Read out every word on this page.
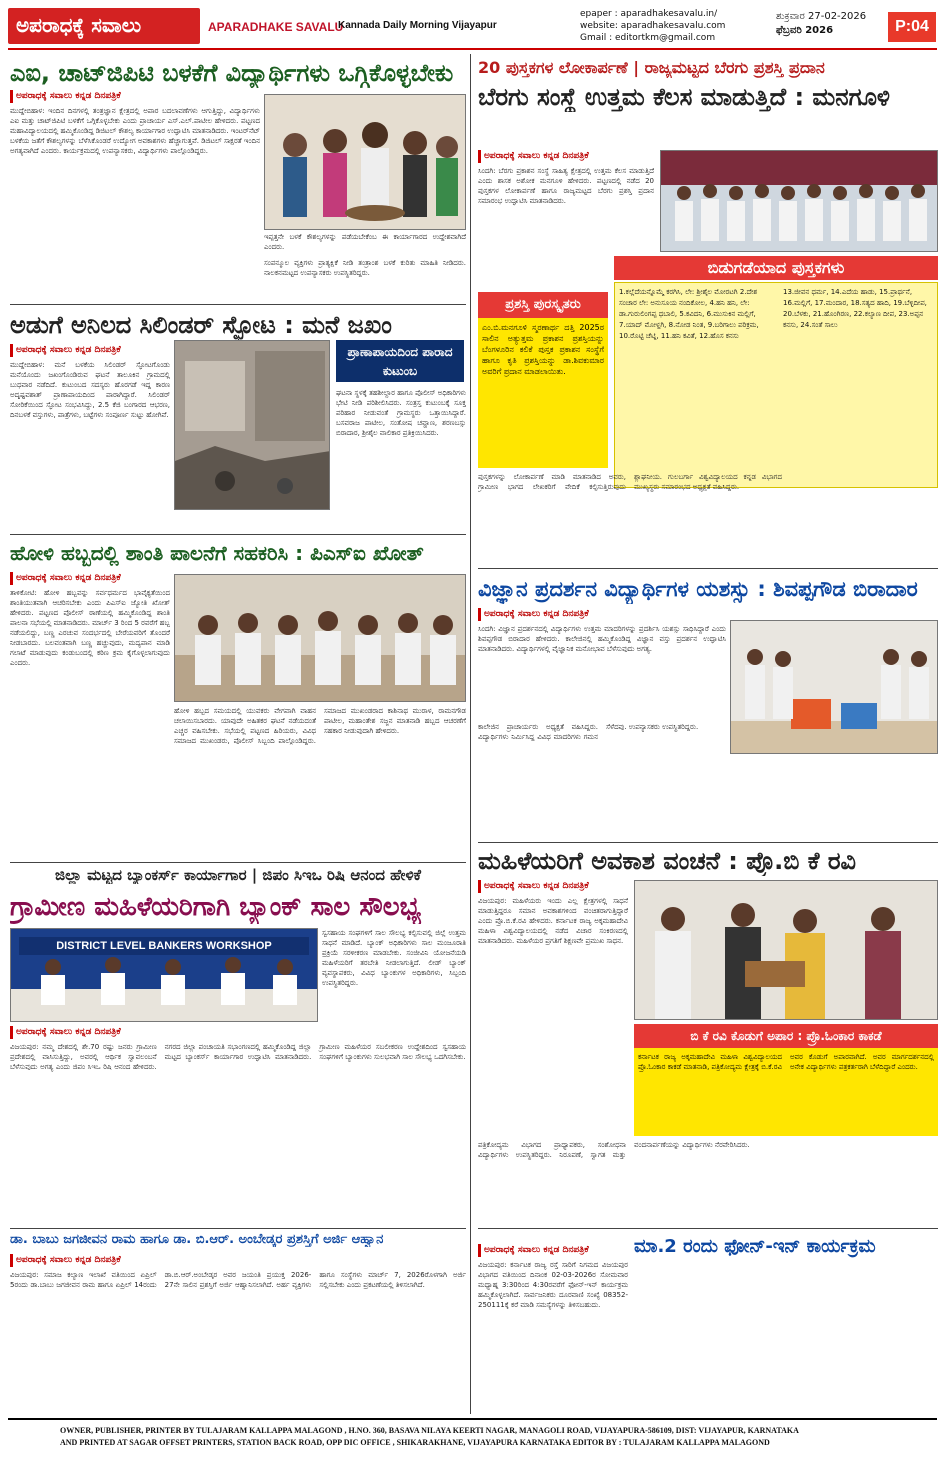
ಅಪರಾಧಕ್ಕೆ ಸವಾಲು	APARADHAKE SAVALU
Kannada Daily Morning Vijayapur
epaper : aparadhakesavalu.in/
website: aparadhakesavalu.com
Gmail : editortkm@gmail.com
ಶುಕ್ರವಾರ 27-02-2026
ಫೆಬ್ರವರಿ 2026	P:04
ಎಐ, ಚಾಟ್‌ಜಿಪಿಟಿ ಬಳಕೆಗೆ ವಿದ್ಯಾರ್ಥಿಗಳು ಒಗ್ಗಿಕೊಳ್ಳಬೇಕು
ಅಪರಾಧಕ್ಕೆ ಸವಾಲು ಕನ್ನಡ ದಿನಪತ್ರಿಕೆ
ಮುದ್ದೇಬಿಹಾಳ: ಇಂದಿನ ದಿನಗಳಲ್ಲಿ ತಂತ್ರಜ್ಞಾನ ಕ್ಷೇತ್ರದಲ್ಲಿ ಅಪಾರ ಬದಲಾವಣೆಗಳು ಆಗುತ್ತಿದ್ದು, ವಿದ್ಯಾರ್ಥಿಗಳು ಎಐ ಮತ್ತು ಚಾಟ್‌ಜಿಪಿಟಿ ಬಳಕೆಗೆ ಒಗ್ಗಿಕೊಳ್ಳಬೇಕು ಎಂದು ಪ್ರಾಚಾರ್ಯ ಎಸ್.ಎಲ್.ಪಾಟೀಲ ಹೇಳಿದರು. ಪಟ್ಟಣದ ಮಹಾವಿದ್ಯಾಲಯದಲ್ಲಿ ಹಮ್ಮಿಕೊಂಡಿದ್ದ ಡಿಜಿಟಲ್ ಕೌಶಲ್ಯ ಕಾರ್ಯಾಗಾರ ಉದ್ಘಾಟಿಸಿ ಮಾತನಾಡಿದರು. ಇಂಟರ್‌ನೆಟ್ ಬಳಕೆಯ ಜತೆಗೆ ಕೌಶಲ್ಯಗಳನ್ನು ಬೆಳೆಸಿಕೊಂಡರೆ ಉದ್ಯೋಗ ಅವಕಾಶಗಳು ಹೆಚ್ಚಾಗುತ್ತವೆ. ಡಿಜಿಟಲ್ ಸಾಕ್ಷರತೆ ಇಂದಿನ ಅಗತ್ಯವಾಗಿದೆ ಎಂದರು. ಕಾರ್ಯಕ್ರಮದಲ್ಲಿ ಉಪನ್ಯಾಸಕರು, ವಿದ್ಯಾರ್ಥಿಗಳು ಪಾಲ್ಗೊಂಡಿದ್ದರು.
ಇಪ್ಪತ್ತನೇ ಬಳಕೆ ಕೌಶಲ್ಯಗಳನ್ನು ಪಡೆಯಬೇಕೆಂಬ ಈ ಕಾರ್ಯಾಗಾರದ ಉದ್ದೇಶವಾಗಿದೆ ಎಂದರು.
ಸಂಪನ್ಮೂಲ ವ್ಯಕ್ತಿಗಳು ಪ್ರಾತ್ಯಕ್ಷಿಕೆ ನೀಡಿ ತಂತ್ರಾಂಶ ಬಳಕೆ ಕುರಿತು ಮಾಹಿತಿ ನೀಡಿದರು. ನಾಲಕನಮಟ್ಟದ ಉಪನ್ಯಾಸಕರು ಉಪಸ್ಥಿತರಿದ್ದರು.
ಅಡುಗೆ ಅನಿಲದ ಸಿಲಿಂಡರ್ ಸ್ಫೋಟ : ಮನೆ ಜಖಂ
ಅಪರಾಧಕ್ಕೆ ಸವಾಲು ಕನ್ನಡ ದಿನಪತ್ರಿಕೆ
ಮುದ್ದೇಬಿಹಾಳ: ಮನೆ ಬಳಕೆಯ ಸಿಲಿಂಡರ್ ಸ್ಫೋಟಗೊಂಡು ಮನೆಯೊಂದು ಜಖಂಗೊಂಡಿರುವ ಘಟನೆ ತಾಲೂಕಿನ ಗ್ರಾಮದಲ್ಲಿ ಬುಧವಾರ ನಡೆದಿದೆ. ಕುಟುಂಬದ ಸದಸ್ಯರು ಹೊರಗಡೆ ಇದ್ದ ಕಾರಣ ಅದೃಷ್ಟವಶಾತ್ ಪ್ರಾಣಾಪಾಯದಿಂದ ಪಾರಾಗಿದ್ದಾರೆ. ಸಿಲಿಂಡರ್ ಸೋರಿಕೆಯಿಂದ ಸ್ಫೋಟ ಸಂಭವಿಸಿದ್ದು, 2.5 ಕೆಜಿ ಬಂಗಾರದ ಆಭರಣ, ದಿನಬಳಕೆ ವಸ್ತುಗಳು, ಪಾತ್ರೆಗಳು, ಬಟ್ಟೆಗಳು ಸಂಪೂರ್ಣ ಸುಟ್ಟು ಹೋಗಿವೆ.
ಪ್ರಾಣಾಪಾಯದಿಂದ ಪಾರಾದ ಕುಟುಂಬ
ಘಟನಾ ಸ್ಥಳಕ್ಕೆ ತಹಶೀಲ್ದಾರ ಹಾಗೂ ಪೊಲೀಸ್ ಅಧಿಕಾರಿಗಳು ಭೇಟಿ ನೀಡಿ ಪರಿಶೀಲಿಸಿದರು. ಸಂತ್ರಸ್ತ ಕುಟುಂಬಕ್ಕೆ ಸೂಕ್ತ ಪರಿಹಾರ ನೀಡುವಂತೆ ಗ್ರಾಮಸ್ಥರು ಒತ್ತಾಯಿಸಿದ್ದಾರೆ. ಬಸವರಾಜ ಪಾಟೀಲ, ಸಂತೋಷ ಚವ್ಹಾಣ, ಶರಣಬಸ್ಸು ಬಿರಾದಾರ, ಶ್ರೀಶೈಲ ವಾಲಿಕಾರ ಪ್ರತಿಕ್ರಿಯಿಸಿದರು.
ಹೋಳಿ ಹಬ್ಬದಲ್ಲಿ ಶಾಂತಿ ಪಾಲನೆಗೆ ಸಹಕರಿಸಿ : ಪಿಎಸ್‌ಐ ಖೋತ್
ಅಪರಾಧಕ್ಕೆ ಸವಾಲು ಕನ್ನಡ ದಿನಪತ್ರಿಕೆ
ತಾಳಿಕೋಟಿ: ಹೋಳಿ ಹಬ್ಬವನ್ನು ಸರ್ವಧರ್ಮದ ಭಾವೈಕ್ಯತೆಯಿಂದ ಶಾಂತಿಯುತವಾಗಿ ಆಚರಿಸಬೇಕು ಎಂದು ಪಿಎಸ್‌ಐ ಜ್ಯೋತಿ ಖೋತ್ ಹೇಳಿದರು. ಪಟ್ಟಣದ ಪೊಲೀಸ್ ಠಾಣೆಯಲ್ಲಿ ಹಮ್ಮಿಕೊಂಡಿದ್ದ ಶಾಂತಿ ಪಾಲನಾ ಸಭೆಯಲ್ಲಿ ಮಾತನಾಡಿದರು. ಮಾರ್ಚ್ 3 ರಿಂದ 5 ರವರೆಗೆ ಹಬ್ಬ ನಡೆಯಲಿದ್ದು, ಬಣ್ಣ ಎರಚುವ ಸಂದರ್ಭದಲ್ಲಿ ಬೇರೆಯವರಿಗೆ ತೊಂದರೆ ನೀಡಬಾರದು. ಬಲವಂತವಾಗಿ ಬಣ್ಣ ಹಚ್ಚುವುದು, ಮದ್ಯಪಾನ ಮಾಡಿ ಗಲಾಟೆ ಮಾಡುವುದು ಕಂಡುಬಂದಲ್ಲಿ ಕಠಿಣ ಕ್ರಮ ಕೈಗೊಳ್ಳಲಾಗುವುದು ಎಂದರು.
ಹೋಳಿ ಹಬ್ಬದ ಸಮಯದಲ್ಲಿ ಯುವಕರು ವೇಗವಾಗಿ ವಾಹನ ಚಲಾಯಿಸಬಾರದು. ಯಾವುದೇ ಅಹಿತಕರ ಘಟನೆ ನಡೆಯದಂತೆ ಎಚ್ಚರ ವಹಿಸಬೇಕು. ಸಭೆಯಲ್ಲಿ ಪಟ್ಟಣದ ಹಿರಿಯರು, ವಿವಿಧ ಸಮಾಜದ ಮುಖಂಡರು, ಪೊಲೀಸ್ ಸಿಬ್ಬಂದಿ ಪಾಲ್ಗೊಂಡಿದ್ದರು. ಸಮಾಜದ ಮುಖಂಡರಾದ ಕಾಶಿನಾಥ ಮುರಾಳ, ರಾಮನಗೌಡ ಪಾಟೀಲ, ಮಹಾಂತೇಶ ಸಜ್ಜನ ಮಾತನಾಡಿ ಹಬ್ಬದ ಆಚರಣೆಗೆ ಸಹಕಾರ ನೀಡುವುದಾಗಿ ಹೇಳಿದರು.
ಜಿಲ್ಲಾ ಮಟ್ಟದ ಬ್ಯಾಂಕರ್ಸ್ ಕಾರ್ಯಾಗಾರ | ಜಿಪಂ ಸಿಇಒ ರಿಷಿ ಆನಂದ ಹೇಳಿಕೆ
ಗ್ರಾಮೀಣ ಮಹಿಳೆಯರಿಗಾಗಿ ಬ್ಯಾಂಕ್ ಸಾಲ ಸೌಲಭ್ಯ
DISTRICT LEVEL BANKERS WORKSHOP
ಸ್ವಸಹಾಯ ಸಂಘಗಳಿಗೆ ಸಾಲ ಸೌಲಭ್ಯ ಕಲ್ಪಿಸುವಲ್ಲಿ ಜಿಲ್ಲೆ ಉತ್ತಮ ಸಾಧನೆ ಮಾಡಿದೆ. ಬ್ಯಾಂಕ್ ಅಧಿಕಾರಿಗಳು ಸಾಲ ಮಂಜೂರಾತಿ ಪ್ರಕ್ರಿಯೆ ಸರಳೀಕರಣ ಮಾಡಬೇಕು. ಸಂಜೀವಿನಿ ಯೋಜನೆಯಡಿ ಮಹಿಳೆಯರಿಗೆ ತರಬೇತಿ ನೀಡಲಾಗುತ್ತಿದೆ. ಲೀಡ್ ಬ್ಯಾಂಕ್ ವ್ಯವಸ್ಥಾಪಕರು, ವಿವಿಧ ಬ್ಯಾಂಕುಗಳ ಅಧಿಕಾರಿಗಳು, ಸಿಬ್ಬಂದಿ ಉಪಸ್ಥಿತರಿದ್ದರು.
ಅಪರಾಧಕ್ಕೆ ಸವಾಲು ಕನ್ನಡ ದಿನಪತ್ರಿಕೆ
ವಿಜಯಪುರ: ನಮ್ಮ ದೇಶದಲ್ಲಿ ಶೇ.70 ರಷ್ಟು ಜನರು ಗ್ರಾಮೀಣ ಪ್ರದೇಶದಲ್ಲಿ ವಾಸಿಸುತ್ತಿದ್ದು, ಅವರಲ್ಲಿ ಆರ್ಥಿಕ ಸ್ವಾವಲಂಬನೆ ಬೆಳೆಸುವುದು ಅಗತ್ಯ ಎಂದು ಜಿಪಂ ಸಿಇಒ ರಿಷಿ ಆನಂದ ಹೇಳಿದರು. ನಗರದ ಜಿಲ್ಲಾ ಪಂಚಾಯತಿ ಸಭಾಂಗಣದಲ್ಲಿ ಹಮ್ಮಿಕೊಂಡಿದ್ದ ಜಿಲ್ಲಾ ಮಟ್ಟದ ಬ್ಯಾಂಕರ್ಸ್ ಕಾರ್ಯಾಗಾರ ಉದ್ಘಾಟಿಸಿ ಮಾತನಾಡಿದರು. ಗ್ರಾಮೀಣ ಮಹಿಳೆಯರ ಸಬಲೀಕರಣ ಉದ್ದೇಶದಿಂದ ಸ್ವಸಹಾಯ ಸಂಘಗಳಿಗೆ ಬ್ಯಾಂಕುಗಳು ಸುಲಭವಾಗಿ ಸಾಲ ಸೌಲಭ್ಯ ಒದಗಿಸಬೇಕು.
ಡಾ. ಬಾಬು ಜಗಜೀವನ ರಾಮ ಹಾಗೂ ಡಾ. ಬಿ.ಆರ್. ಅಂಬೇಡ್ಕರ ಪ್ರಶಸ್ತಿಗೆ ಅರ್ಜಿ ಆಹ್ವಾನ
ಅಪರಾಧಕ್ಕೆ ಸವಾಲು ಕನ್ನಡ ದಿನಪತ್ರಿಕೆ
ವಿಜಯಪುರ: ಸಮಾಜ ಕಲ್ಯಾಣ ಇಲಾಖೆ ವತಿಯಿಂದ ಏಪ್ರಿಲ್ 5ರಂದು ಡಾ.ಬಾಬು ಜಗಜೀವನ ರಾಮ ಹಾಗೂ ಏಪ್ರಿಲ್ 14ರಂದು ಡಾ.ಬಿ.ಆರ್.ಅಂಬೇಡ್ಕರ ಅವರ ಜಯಂತಿ ಪ್ರಯುಕ್ತ 2026-27ನೇ ಸಾಲಿನ ಪ್ರಶಸ್ತಿಗೆ ಅರ್ಜಿ ಆಹ್ವಾನಿಸಲಾಗಿದೆ. ಅರ್ಹ ವ್ಯಕ್ತಿಗಳು ಹಾಗೂ ಸಂಸ್ಥೆಗಳು ಮಾರ್ಚ್ 7, 2026ರೊಳಗಾಗಿ ಅರ್ಜಿ ಸಲ್ಲಿಸಬೇಕು ಎಂದು ಪ್ರಕಟಣೆಯಲ್ಲಿ ತಿಳಿಸಲಾಗಿದೆ.
20 ಪುಸ್ತಕಗಳ ಲೋಕಾರ್ಪಣೆ | ರಾಜ್ಯಮಟ್ಟದ ಬೆರಗು ಪ್ರಶಸ್ತಿ ಪ್ರದಾನ
ಬೆರಗು ಸಂಸ್ಥೆ ಉತ್ತಮ ಕೆಲಸ ಮಾಡುತ್ತಿದೆ : ಮನಗೂಳಿ
ಅಪರಾಧಕ್ಕೆ ಸವಾಲು ಕನ್ನಡ ದಿನಪತ್ರಿಕೆ
ಸಿಂದಗಿ: ಬೆರಗು ಪ್ರಕಾಶನ ಸಂಸ್ಥೆ ಸಾಹಿತ್ಯ ಕ್ಷೇತ್ರದಲ್ಲಿ ಉತ್ತಮ ಕೆಲಸ ಮಾಡುತ್ತಿದೆ ಎಂದು ಶಾಸಕ ಅಶೋಕ ಮನಗೂಳಿ ಹೇಳಿದರು. ಪಟ್ಟಣದಲ್ಲಿ ನಡೆದ 20 ಪುಸ್ತಕಗಳ ಲೋಕಾರ್ಪಣೆ ಹಾಗೂ ರಾಜ್ಯಮಟ್ಟದ ಬೆರಗು ಪ್ರಶಸ್ತಿ ಪ್ರದಾನ ಸಮಾರಂಭ ಉದ್ಘಾಟಿಸಿ ಮಾತನಾಡಿದರು.
ಬಿಡುಗಡೆಯಾದ ಪುಸ್ತಕಗಳು
1.ಕಲ್ಲೆದೆಯನ್ನೊಮ್ಮೆ ಕರಗಿಸಿ, ಲೇ: ಶ್ರೀಶೈಲ ಮೋರಟಗಿ 2.ದೇಶ ಸಂಚಾರ ಲೇ: ಅನುಸೂಯ ನಂದಿಕೋಲ, 4.ಹನಿ ಹನಿ, ಲೇ: ಡಾ.ಗುರುಲಿಂಗಪ್ಪ ಧಬಾಲಿ, 5.ಕವಿದನಿ, 6.ಮುಸುಕಿನ ಮಲ್ಲಿಗೆ, 7.ಯಾದ್ ಮೋಳ್ದಗಿ, 8.ನೋಡ ನಿಂತ, 9.ಬರಿಗಾಲು ಪರಿಕ್ರಮ, 10.ರೊಟ್ಟಿ ಚೆಟ್ನಿ, 11.ಹನಿ ಕವಿತೆ, 12.ಹೊಸ ಕನಸು
13.ಜೀವನ ಧರ್ಮ, 14.ಎದೆಯ ಹಾಡು, 15.ಪ್ರಾರ್ಥನೆ, 16.ಮಲ್ಲಿಗೆ, 17.ಮಂದಾರ, 18.ಸತ್ಯದ ಹಾದಿ, 19.ಬೆಳ್ಳಿದೀಪ, 20.ಬೆಳಕು, 21.ಹೊಂಗಿರಣ, 22.ಕಲ್ಯಾಣ ದೀಪ, 23.ಅಪ್ಪನ ಕನಸು, 24.ಸಂತೆ ಸಾಲು
ಪ್ರಶಸ್ತಿ ಪುರಸ್ಕೃತರು
ಎಂ.ಬಿ.ಮನಗೂಳಿ ಸ್ಮರಣಾರ್ಥ ದತ್ತಿ 2025ರ ಸಾಲಿನ ಅತ್ಯುತ್ತಮ ಪ್ರಕಾಶನ ಪ್ರಶಸ್ತಿಯನ್ನು ಬೆಂಗಳೂರಿನ ಕಲಿಕೆ ಪುಸ್ತಕ ಪ್ರಕಾಶನ ಸಂಸ್ಥೆಗೆ ಹಾಗೂ ಕೃತಿ ಪ್ರಶಸ್ತಿಯನ್ನು ಡಾ.ಶಿವಕುಮಾರ ಅವರಿಗೆ ಪ್ರದಾನ ಮಾಡಲಾಯಿತು.
ಪುಸ್ತಕಗಳನ್ನು ಲೋಕಾರ್ಪಣೆ ಮಾಡಿ ಮಾತನಾಡಿದ ಅವರು, ಗ್ರಾಮೀಣ ಭಾಗದ ಲೇಖಕರಿಗೆ ವೇದಿಕೆ ಕಲ್ಪಿಸುತ್ತಿರುವುದು ಶ್ಲಾಘನೀಯ. ಗುಲಬರ್ಗಾ ವಿಶ್ವವಿದ್ಯಾಲಯದ ಕನ್ನಡ ವಿಭಾಗದ ಮುಖ್ಯಸ್ಥರು ಸಮಾರಂಭದ ಅಧ್ಯಕ್ಷತೆ ವಹಿಸಿದ್ದರು.
ವಿಜ್ಞಾನ ಪ್ರದರ್ಶನ ವಿದ್ಯಾರ್ಥಿಗಳ ಯಶಸ್ಸು : ಶಿವಪ್ಪಗೌಡ ಬಿರಾದಾರ
ಅಪರಾಧಕ್ಕೆ ಸವಾಲು ಕನ್ನಡ ದಿನಪತ್ರಿಕೆ
ಸಿಂದಗಿ: ವಿಜ್ಞಾನ ಪ್ರದರ್ಶನದಲ್ಲಿ ವಿದ್ಯಾರ್ಥಿಗಳು ಉತ್ತಮ ಮಾದರಿಗಳನ್ನು ಪ್ರದರ್ಶಿಸಿ ಯಶಸ್ಸು ಸಾಧಿಸಿದ್ದಾರೆ ಎಂದು ಶಿವಪ್ಪಗೌಡ ಬಿರಾದಾರ ಹೇಳಿದರು. ಕಾಲೇಜಿನಲ್ಲಿ ಹಮ್ಮಿಕೊಂಡಿದ್ದ ವಿಜ್ಞಾನ ವಸ್ತು ಪ್ರದರ್ಶನ ಉದ್ಘಾಟಿಸಿ ಮಾತನಾಡಿದರು. ವಿದ್ಯಾರ್ಥಿಗಳಲ್ಲಿ ವೈಜ್ಞಾನಿಕ ಮನೋಭಾವ ಬೆಳೆಸುವುದು ಅಗತ್ಯ.
ಕಾಲೇಜಿನ ಪ್ರಾಚಾರ್ಯರು ಅಧ್ಯಕ್ಷತೆ ವಹಿಸಿದ್ದರು. ವಿದ್ಯಾರ್ಥಿಗಳು ನಿರ್ಮಿಸಿದ್ದ ವಿವಿಧ ಮಾದರಿಗಳು ಗಮನ ಸೆಳೆದವು. ಉಪನ್ಯಾಸಕರು ಉಪಸ್ಥಿತರಿದ್ದರು.
ಮಹಿಳೆಯರಿಗೆ ಅವಕಾಶ ವಂಚನೆ : ಪ್ರೊ.ಬಿ ಕೆ ರವಿ
ಅಪರಾಧಕ್ಕೆ ಸವಾಲು ಕನ್ನಡ ದಿನಪತ್ರಿಕೆ
ವಿಜಯಪುರ: ಮಹಿಳೆಯರು ಇಂದು ಎಲ್ಲ ಕ್ಷೇತ್ರಗಳಲ್ಲಿ ಸಾಧನೆ ಮಾಡುತ್ತಿದ್ದರೂ ಸಮಾನ ಅವಕಾಶಗಳಿಂದ ವಂಚಿತರಾಗುತ್ತಿದ್ದಾರೆ ಎಂದು ಪ್ರೊ.ಬಿ.ಕೆ.ರವಿ ಹೇಳಿದರು. ಕರ್ನಾಟಕ ರಾಜ್ಯ ಅಕ್ಕಮಹಾದೇವಿ ಮಹಿಳಾ ವಿಶ್ವವಿದ್ಯಾಲಯದಲ್ಲಿ ನಡೆದ ವಿಚಾರ ಸಂಕಿರಣದಲ್ಲಿ ಮಾತನಾಡಿದರು. ಮಹಿಳೆಯರ ಪ್ರಗತಿಗೆ ಶಿಕ್ಷಣವೇ ಪ್ರಮುಖ ಸಾಧನ.
ಬಿ ಕೆ ರವಿ ಕೊಡುಗೆ ಅಪಾರ : ಪ್ರೊ.ಓಂಕಾರ ಕಾಕಡೆ
ಕರ್ನಾಟಕ ರಾಜ್ಯ ಅಕ್ಕಮಹಾದೇವಿ ಮಹಿಳಾ ವಿಶ್ವವಿದ್ಯಾಲಯದ ಪ್ರೊ.ಓಂಕಾರ ಕಾಕಡೆ ಮಾತನಾಡಿ, ಪತ್ರಿಕೋದ್ಯಮ ಕ್ಷೇತ್ರಕ್ಕೆ ಬಿ.ಕೆ.ರವಿ ಅವರ ಕೊಡುಗೆ ಅಪಾರವಾಗಿದೆ. ಅವರ ಮಾರ್ಗದರ್ಶನದಲ್ಲಿ ಅನೇಕ ವಿದ್ಯಾರ್ಥಿಗಳು ಪತ್ರಕರ್ತರಾಗಿ ಬೆಳೆದಿದ್ದಾರೆ ಎಂದರು.
ಪತ್ರಿಕೋದ್ಯಮ ವಿಭಾಗದ ಪ್ರಾಧ್ಯಾಪಕರು, ಸಂಶೋಧನಾ ವಿದ್ಯಾರ್ಥಿಗಳು ಉಪಸ್ಥಿತರಿದ್ದರು. ನಿರೂಪಣೆ, ಸ್ವಾಗತ ಮತ್ತು ವಂದನಾರ್ಪಣೆಯನ್ನು ವಿದ್ಯಾರ್ಥಿಗಳು ನೆರವೇರಿಸಿದರು.
ಅಪರಾಧಕ್ಕೆ ಸವಾಲು ಕನ್ನಡ ದಿನಪತ್ರಿಕೆ
ವಿಜಯಪುರ: ಕರ್ನಾಟಕ ರಾಜ್ಯ ರಸ್ತೆ ಸಾರಿಗೆ ನಿಗಮದ ವಿಜಯಪುರ ವಿಭಾಗದ ವತಿಯಿಂದ ದಿನಾಂಕ 02-03-2026ರ ಸೋಮವಾರ ಮಧ್ಯಾಹ್ನ 3:30ರಿಂದ 4:30ರವರೆಗೆ ಫೋನ್-ಇನ್ ಕಾರ್ಯಕ್ರಮ ಹಮ್ಮಿಕೊಳ್ಳಲಾಗಿದೆ. ಸಾರ್ವಜನಿಕರು ದೂರವಾಣಿ ಸಂಖ್ಯೆ 08352-250111ಕ್ಕೆ ಕರೆ ಮಾಡಿ ಸಮಸ್ಯೆಗಳನ್ನು ತಿಳಿಸಬಹುದು.
ಮಾ.2 ರಂದು ಫೋನ್-ಇನ್ ಕಾರ್ಯಕ್ರಮ
OWNER, PUBLISHER, PRINTER BY TULAJARAM KALLAPPA MALAGOND , H.NO. 360, BASAVA NILAYA KEERTI NAGAR, MANAGOLI ROAD, VIJAYAPURA-586109, DIST: VIJAYAPUR, KARNATAKA
AND PRINTED AT SAGAR OFFSET PRINTERS, STATION BACK ROAD, OPP DIC OFFICE , SHIKARAKHANE, VIJAYAPURA KARNATAKA EDITOR BY : TULAJARAM KALLAPPA MALAGOND
